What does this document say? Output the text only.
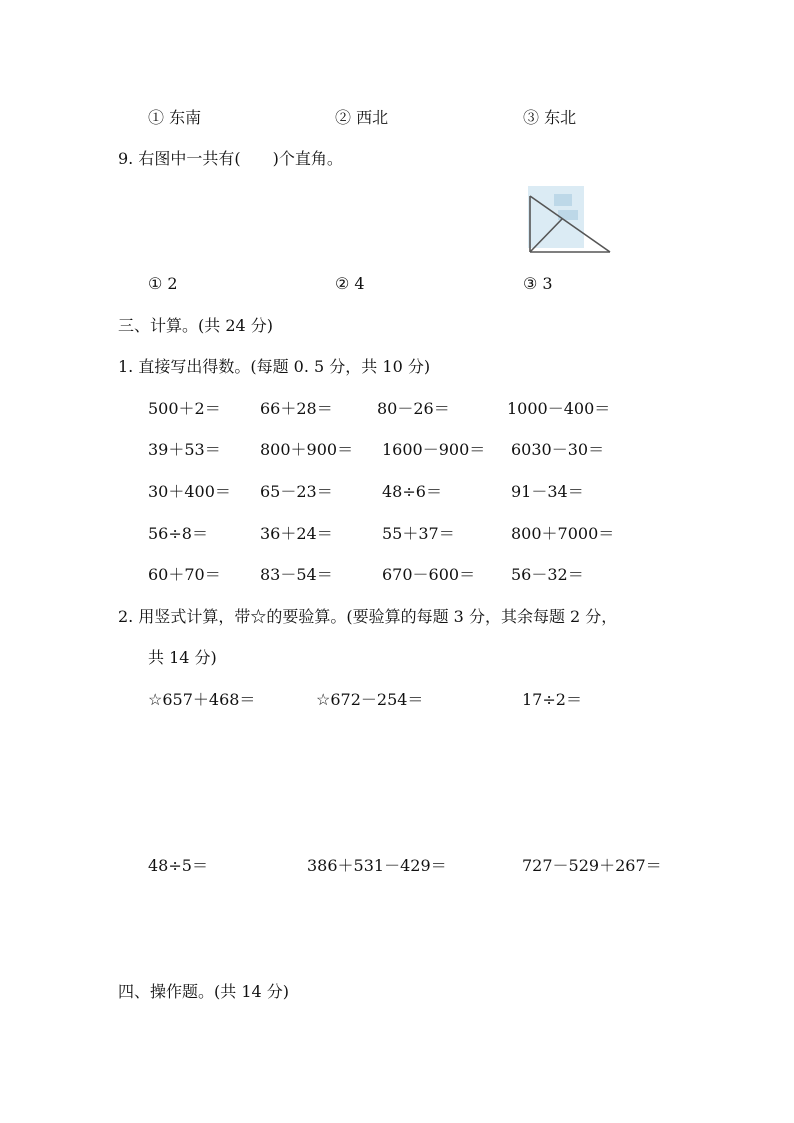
① 东南	② 西北	③ 东北
9. 右图中一共有(　　)个直角。
① 2	② 4	③ 3
三、计算。(共 24 分)
1. 直接写出得数。(每题 0. 5 分，共 10 分)
500＋2＝ 66＋28＝	80－26＝	1000－400＝
39＋53＝ 800＋900＝ 1600－900＝ 6030－30＝
30＋400＝ 65－23＝	48÷6＝	91－34＝
56÷8＝	36＋24＝	55＋37＝	800＋7000＝
60＋70＝ 83－54＝	670－600＝ 56－32＝
2. 用竖式计算，带☆的要验算。(要验算的每题 3 分，其余每题 2 分，
共 14 分)
☆657＋468＝	☆672－254＝	17÷2＝
48÷5＝	386＋531－429＝	727－529＋267＝
四、操作题。(共 14 分)
